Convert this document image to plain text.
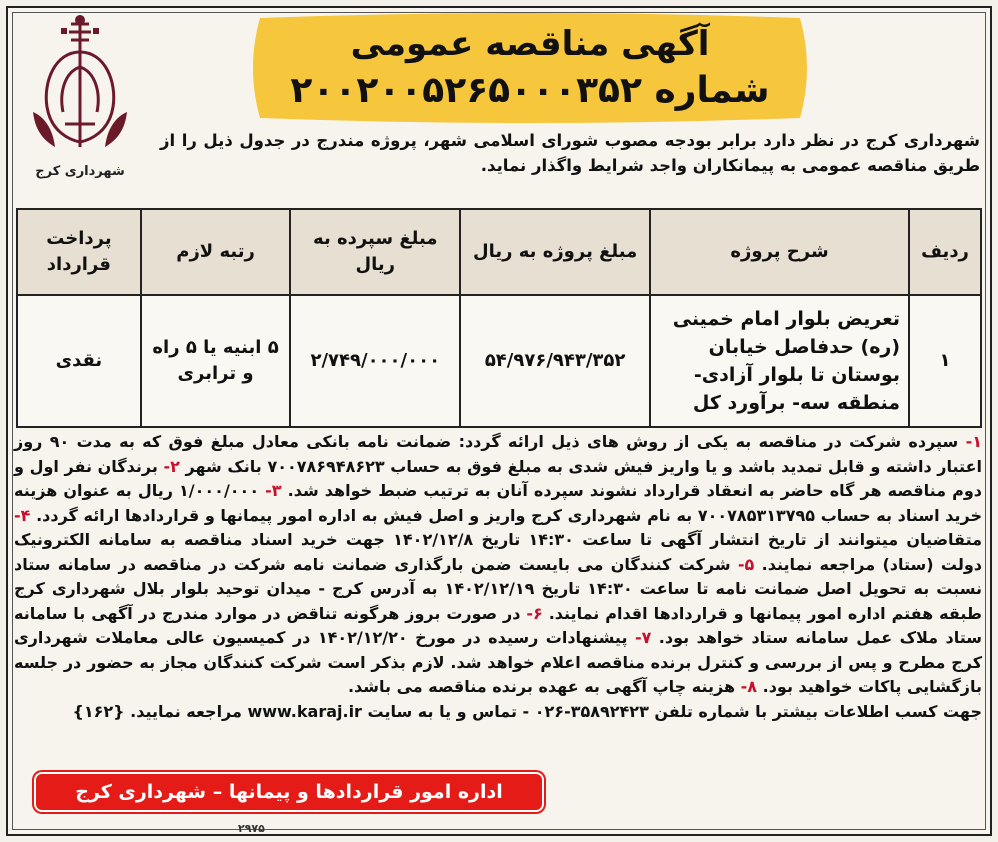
شهرداری کرج
آگهی مناقصه عمومی
شماره ۲۰۰۲۰۰۵۲۶۵۰۰۰۳۵۲
شهرداری کرج در نظر دارد برابر بودجه مصوب شورای اسلامی شهر، پروژه مندرج در جدول ذیل را از طریق مناقصه عمومی به پیمانکاران واجد شرایط واگذار نماید.
ردیف	شرح پروژه	مبلغ پروژه به ریال	مبلغ سپرده به ریال	رتبه لازم	پرداخت قرارداد
۱	تعریض بلوار امام خمینی (ره) حدفاصل خیابان بوستان تا بلوار آزادی- منطقه سه- برآورد کل	۵۴/۹۷۶/۹۴۳/۳۵۲	۲/۷۴۹/۰۰۰/۰۰۰	۵ ابنیه یا ۵ راه و ترابری	نقدی
۱- سپرده شرکت در مناقصه به یکی از روش های ذیل ارائه گردد: ضمانت نامه بانکی معادل مبلغ فوق که به مدت ۹۰ روز اعتبار داشته و قابل تمدید باشد و یا واریز فیش شدی به مبلغ فوق به حساب ۷۰۰۷۸۶۹۴۸۶۲۳ بانک شهر ۲- برندگان نفر اول و دوم مناقصه هر گاه حاضر به انعقاد قرارداد نشوند سپرده آنان به ترتیب ضبط خواهد شد. ۳- ۱/۰۰۰/۰۰۰ ریال به عنوان هزینه خرید اسناد به حساب ۷۰۰۷۸۵۳۱۳۷۹۵ به نام شهرداری کرج واریز و اصل فیش به اداره امور پیمانها و قراردادها ارائه گردد. ۴- متقاضیان میتوانند از تاریخ انتشار آگهی تا ساعت ۱۴:۳۰ تاریخ ۱۴۰۲/۱۲/۸ جهت خرید اسناد مناقصه به سامانه الکترونیک دولت (ستاد) مراجعه نمایند. ۵- شرکت کنندگان می بایست ضمن بارگذاری ضمانت نامه شرکت در مناقصه در سامانه ستاد نسبت به تحویل اصل ضمانت نامه تا ساعت ۱۴:۳۰ تاریخ ۱۴۰۲/۱۲/۱۹ به آدرس کرج - میدان توحید بلوار بلال شهرداری کرج طبقه هفتم اداره امور پیمانها و قراردادها اقدام نمایند. ۶- در صورت بروز هرگونه تناقض در موارد مندرج در آگهی با سامانه ستاد ملاک عمل سامانه ستاد خواهد بود. ۷- پیشنهادات رسیده در مورخ ۱۴۰۲/۱۲/۲۰ در کمیسیون عالی معاملات شهرداری کرج مطرح و پس از بررسی و کنترل برنده مناقصه اعلام خواهد شد. لازم بذکر است شرکت کنندگان مجاز به حضور در جلسه بازگشایی پاکات خواهید بود. ۸- هزینه چاپ آگهی به عهده برنده مناقصه می باشد.
جهت کسب اطلاعات بیشتر با شماره تلفن ۳۵۸۹۲۴۲۳-۰۲۶ - تماس و یا به سایت www.karaj.ir مراجعه نمایید. {۱۶۲}
اداره امور قراردادها و پیمانها – شهرداری کرج
۲۹۷۵
